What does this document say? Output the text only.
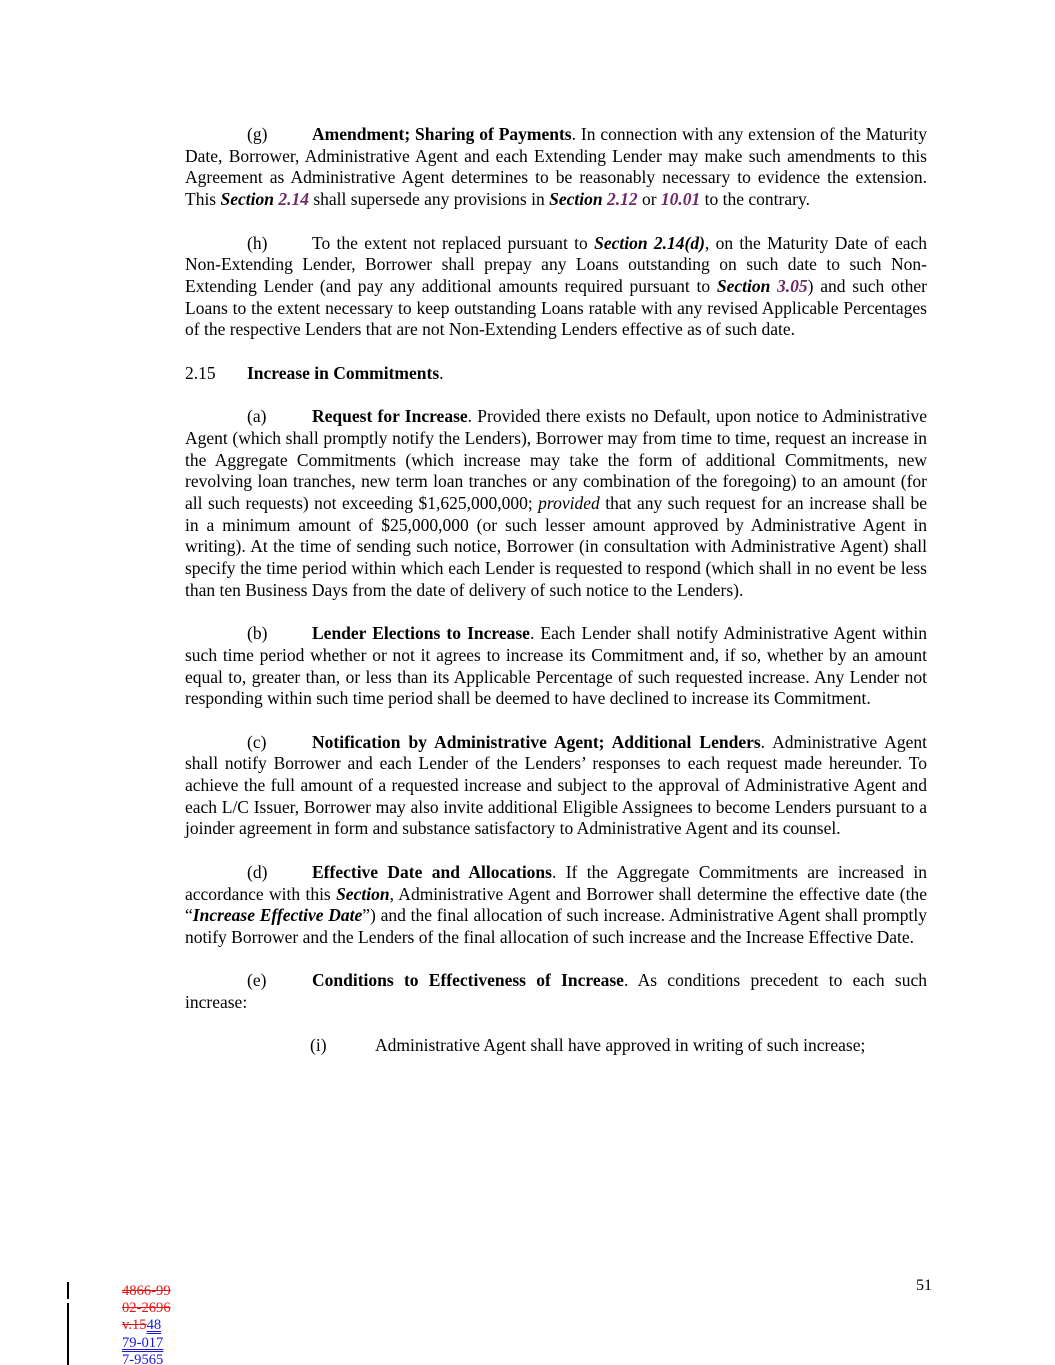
(g)	Amendment; Sharing of Payments. In connection with any extension of the Maturity Date, Borrower, Administrative Agent and each Extending Lender may make such amendments to this Agreement as Administrative Agent determines to be reasonably necessary to evidence the extension. This Section 2.14 shall supersede any provisions in Section 2.12 or 10.01 to the contrary.

(h)	To the extent not replaced pursuant to Section 2.14(d), on the Maturity Date of each Non-Extending Lender, Borrower shall prepay any Loans outstanding on such date to such Non-Extending Lender (and pay any additional amounts required pursuant to Section 3.05) and such other Loans to the extent necessary to keep outstanding Loans ratable with any revised Applicable Percentages of the respective Lenders that are not Non-Extending Lenders effective as of such date.

2.15 Increase in Commitments.

(a)	Request for Increase. Provided there exists no Default, upon notice to Administrative Agent (which shall promptly notify the Lenders), Borrower may from time to time, request an increase in the Aggregate Commitments (which increase may take the form of additional Commitments, new revolving loan tranches, new term loan tranches or any combination of the foregoing) to an amount (for all such requests) not exceeding $1,625,000,000; provided that any such request for an increase shall be in a minimum amount of $25,000,000 (or such lesser amount approved by Administrative Agent in writing). At the time of sending such notice, Borrower (in consultation with Administrative Agent) shall specify the time period within which each Lender is requested to respond (which shall in no event be less than ten Business Days from the date of delivery of such notice to the Lenders).

(b)	Lender Elections to Increase. Each Lender shall notify Administrative Agent within such time period whether or not it agrees to increase its Commitment and, if so, whether by an amount equal to, greater than, or less than its Applicable Percentage of such requested increase. Any Lender not responding within such time period shall be deemed to have declined to increase its Commitment.

(c)	Notification by Administrative Agent; Additional Lenders. Administrative Agent shall notify Borrower and each Lender of the Lenders’ responses to each request made hereunder. To achieve the full amount of a requested increase and subject to the approval of Administrative Agent and each L/C Issuer, Borrower may also invite additional Eligible Assignees to become Lenders pursuant to a joinder agreement in form and substance satisfactory to Administrative Agent and its counsel.

(d)	Effective Date and Allocations. If the Aggregate Commitments are increased in accordance with this Section, Administrative Agent and Borrower shall determine the effective date (the “Increase Effective Date”) and the final allocation of such increase. Administrative Agent shall promptly notify Borrower and the Lenders of the final allocation of such increase and the Increase Effective Date.

(e)	Conditions to Effectiveness of Increase. As conditions precedent to each such increase:

(i)	Administrative Agent shall have approved in writing of such increase;

4866-99
02-2696
v.1548
79-017
7-9565
51
